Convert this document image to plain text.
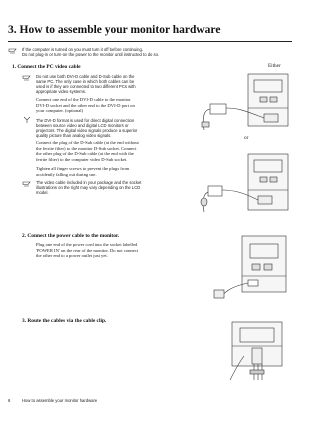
3. How to assemble your monitor hardware
If the computer is turned on you must turn it off before continuing.
Do not plug-in or turn-on the power to the monitor until instructed to do so.
1. Connect the PC video cable
Do not use both DVI-D cable and D-Sub cable on the
same PC. The only case in which both cables can be
used is if they are connected to two different PCs with
appropriate video systems.
Connect one end of the DVI-D cable to the monitor
DVI-D socket and the other end to the DVI-D port on
your computer. (optional)
The DVI-D format is used for direct digital connection
between source video and digital LCD monitors or
projectors. The digital video signals produce a superior
quality picture than analog video signals.
Connect the plug of the D-Sub cable (at the end without
the ferrite filter) to the monitor D-Sub socket. Connect
the other plug of the D-Sub cable (at the end with the
ferrite filter) to the computer video D-Sub socket.
Tighten all finger screws to prevent the plugs from
accidently falling out during use.
The video cable included in your package and the socket
illustrations on the right may vary depending on the LCD
model.
2. Connect the power cable to the monitor.
Plug one end of the power cord into the socket labelled
'POWER IN' on the rear of the monitor. Do not connect
the other end to a power outlet just yet.
3. Route the cables via the cable clip.
Either
or
6	How to assemble your monitor hardware
